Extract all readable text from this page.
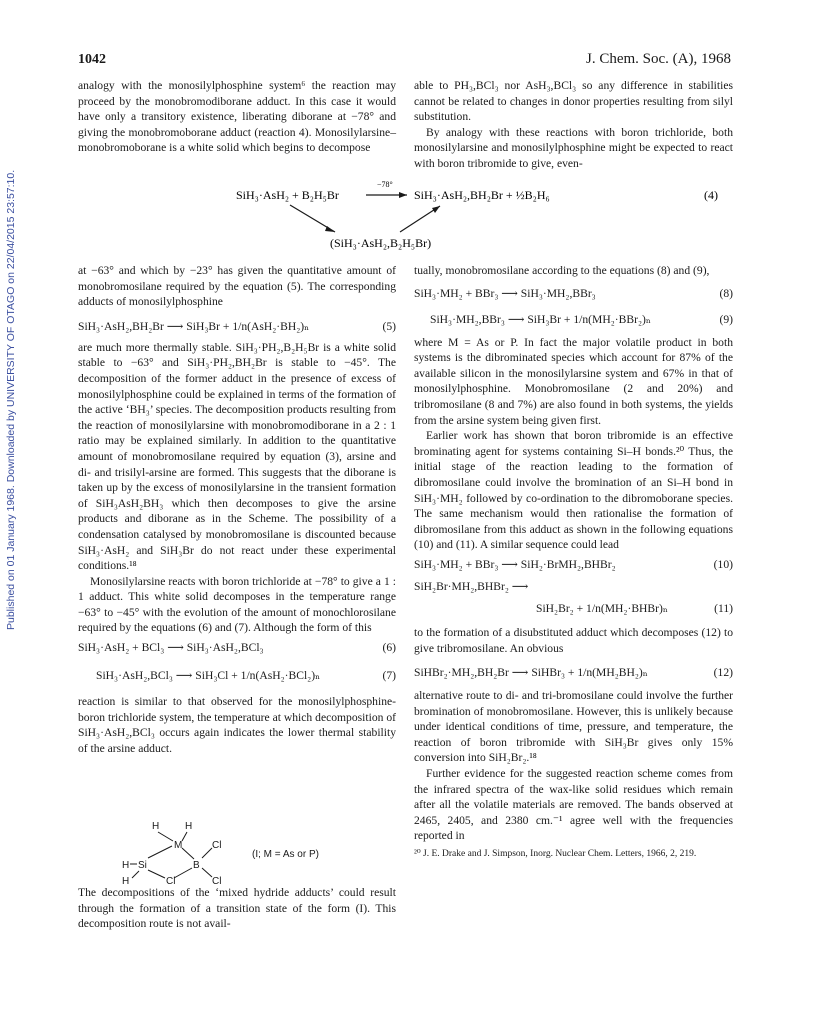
Published on 01 January 1968. Downloaded by UNIVERSITY OF OTAGO on 22/04/2015 23:57:10.
1042	J. Chem. Soc. (A), 1968

analogy with the monosilylphosphine system⁶ the reaction may proceed by the monobromodiborane adduct. In this case it would have only a transitory existence, liberating diborane at −78° and giving the monobromoborane adduct (reaction 4). Monosilylarsine–monobromoborane is a white solid which begins to decompose

able to PH₃,BCl₃ nor AsH₃,BCl₃ so any difference in stabilities cannot be related to changes in donor properties resulting from silyl substitution.

By analogy with these reactions with boron trichloride, both monosilylarsine and monosilylphosphine might be expected to react with boron tribromide to give, even-

SiH₃·AsH₂ + B₂H₅Br
−78°
SiH₃·AsH₂,BH₂Br + ½B₂H₆	(4)
(SiH₃·AsH₂,B₂H₅Br)

at −63° and which by −23° has given the quantitative amount of monobromosilane required by the equation (5). The corresponding adducts of monosilylphosphine

SiH₃·AsH₂,BH₂Br ⟶ SiH₃Br + 1/n(AsH₂·BH₂)ₙ	(5)

are much more thermally stable. SiH₃·PH₂,B₂H₅Br is a white solid stable to −63° and SiH₃·PH₂,BH₂Br is stable to −45°. The decomposition of the former adduct in the presence of excess of monosilylphosphine could be explained in terms of the formation of the active ‘BH₃’ species. The decomposition products resulting from the reaction of monosilylarsine with monobromodiborane in a 2 : 1 ratio may be explained similarly. In addition to the quantitative amount of monobromosilane required by equation (3), arsine and di- and trisilyl-arsine are formed. This suggests that the diborane is taken up by the excess of monosilylarsine in the transient formation of SiH₃AsH₂BH₃ which then decomposes to give the arsine products and diborane as in the Scheme. The possibility of a condensation catalysed by monobromosilane is discounted because SiH₃·AsH₂ and SiH₃Br do not react under these experimental conditions.¹⁸

Monosilylarsine reacts with boron trichloride at −78° to give a 1 : 1 adduct. This white solid decomposes in the temperature range −63° to −45° with the evolution of the amount of monochlorosilane required by the equations (6) and (7). Although the form of this

SiH₃·AsH₂ + BCl₃ ⟶ SiH₃·AsH₂,BCl₃	(6)
SiH₃·AsH₂,BCl₃ ⟶ SiH₃Cl + 1/n(AsH₂·BCl₂)ₙ	(7)

reaction is similar to that observed for the monosilylphosphine-boron trichloride system, the temperature at which decomposition of SiH₃·AsH₂,BCl₃ occurs again indicates the lower thermal stability of the arsine adduct.

H	H
M	Cl
H Si	B
H	Cl	Cl
(I; M = As or P)

The decompositions of the ‘mixed hydride adducts’ could result through the formation of a transition state of the form (I). This decomposition route is not avail-

tually, monobromosilane according to the equations (8) and (9),

SiH₃·MH₂ + BBr₃ ⟶ SiH₃·MH₂,BBr₃	(8)
SiH₃·MH₂,BBr₃ ⟶ SiH₃Br + 1/n(MH₂·BBr₂)ₙ	(9)

where M = As or P. In fact the major volatile product in both systems is the dibrominated species which account for 87% of the available silicon in the monosilylarsine system and 67% in that of monosilylphosphine. Monobromosilane (2 and 20%) and tribromosilane (8 and 7%) are also found in both systems, the yields from the arsine system being given first.

Earlier work has shown that boron tribromide is an effective brominating agent for systems containing Si–H bonds.²⁰ Thus, the initial stage of the reaction leading to the formation of dibromosilane could involve the bromination of an Si–H bond in SiH₃·MH₂ followed by co-ordination to the dibromoborane species. The same mechanism would then rationalise the formation of dibromosilane from this adduct as shown in the following equations (10) and (11). A similar sequence could lead

SiH₃·MH₂ + BBr₃ ⟶ SiH₂·BrMH₂,BHBr₂	(10)
SiH₂Br·MH₂,BHBr₂ ⟶
SiH₂Br₂ + 1/n(MH₂·BHBr)ₙ	(11)

to the formation of a disubstituted adduct which decomposes (12) to give tribromosilane. An obvious

SiHBr₂·MH₂,BH₂Br ⟶ SiHBr₃ + 1/n(MH₂BH₂)ₙ	(12)

alternative route to di- and tri-bromosilane could involve the further bromination of monobromosilane. However, this is unlikely because under identical conditions of time, pressure, and temperature, the reaction of boron tribromide with SiH₃Br gives only 15% conversion into SiH₂Br₂.¹⁸

Further evidence for the suggested reaction scheme comes from the infrared spectra of the wax-like solid residues which remain after all the volatile materials are removed. The bands observed at 2465, 2405, and 2380 cm.⁻¹ agree well with the frequencies reported in

²⁰ J. E. Drake and J. Simpson, Inorg. Nuclear Chem. Letters, 1966, 2, 219.
